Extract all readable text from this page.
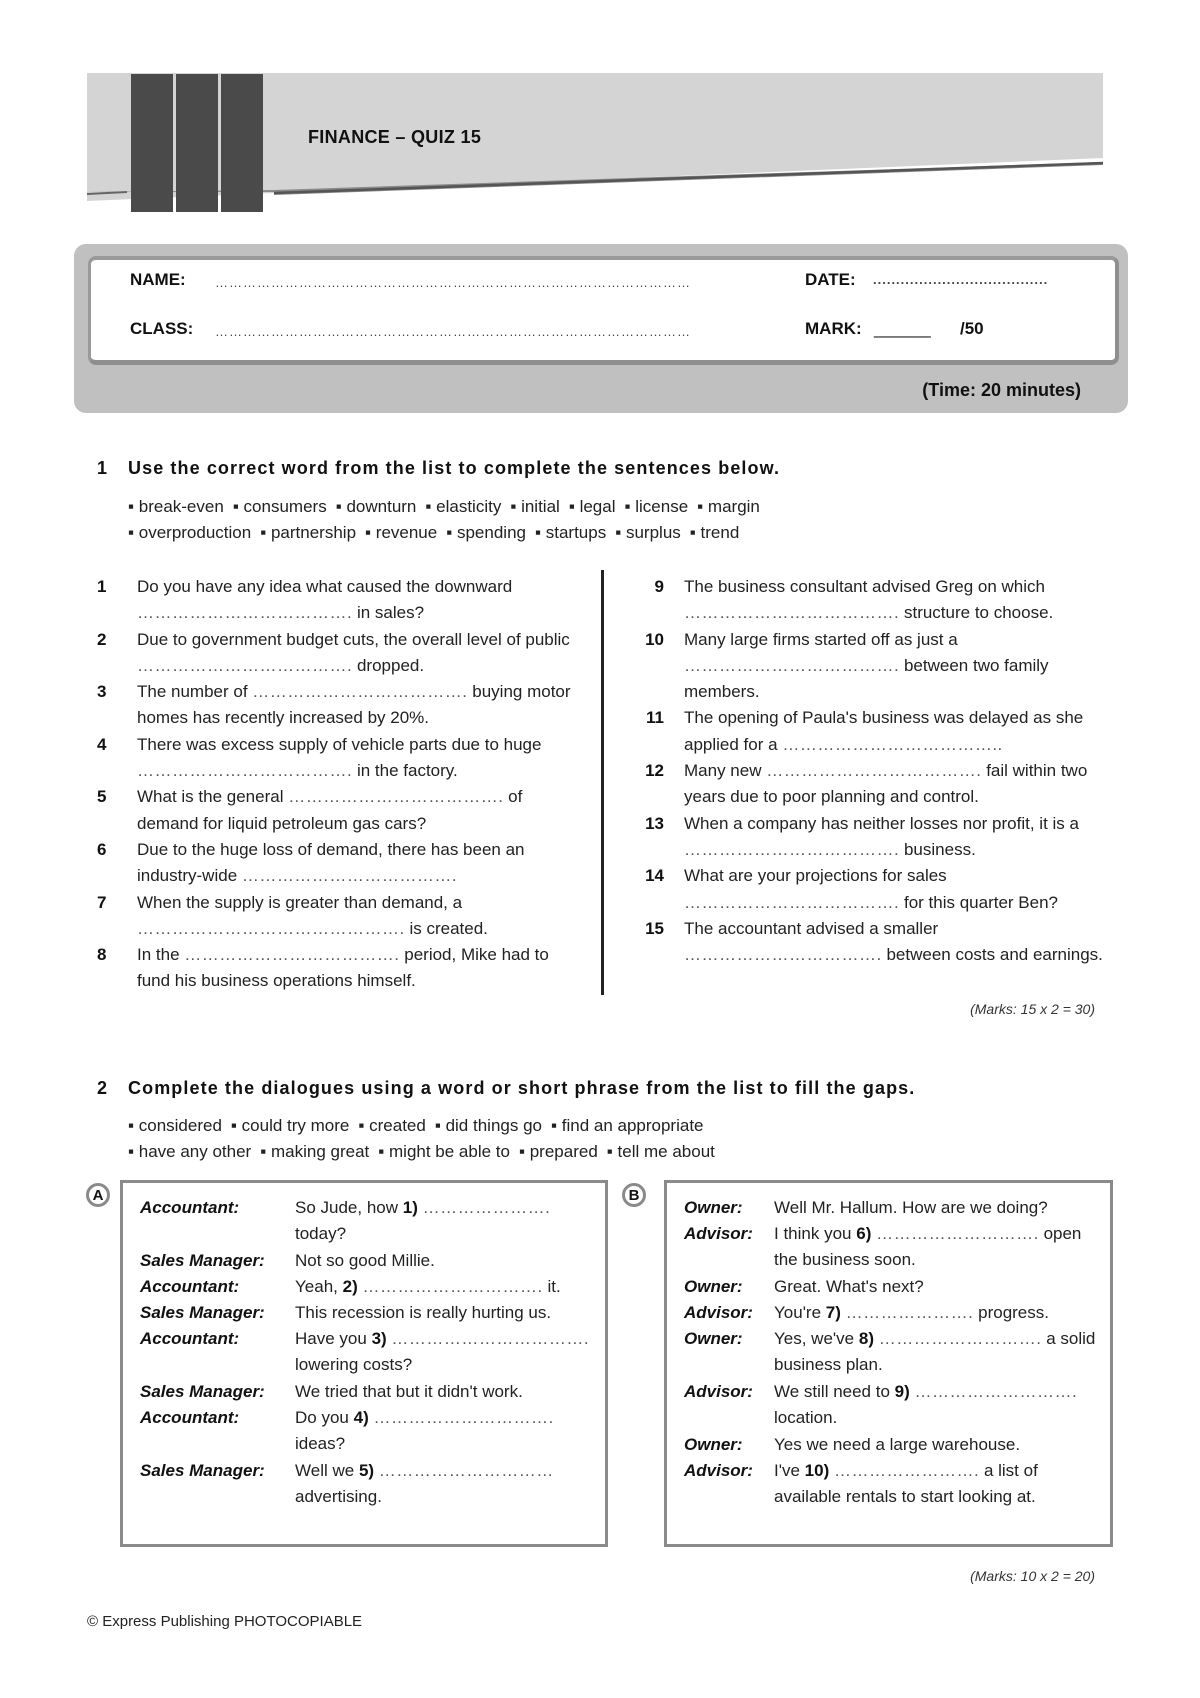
FINANCE – QUIZ 15
NAME: …………………………………………………………………………………………
CLASS: …………………………………………………………………………………………
DATE: ......................................
MARK: ______ /50
(Time: 20 minutes)
1 Use the correct word from the list to complete the sentences below.
▪ break-even ▪ consumers ▪ downturn ▪ elasticity ▪ initial ▪ legal ▪ license ▪ margin
▪ overproduction ▪ partnership ▪ revenue ▪ spending ▪ startups ▪ surplus ▪ trend
1	Do you have any idea what caused the downward ………………………………. in sales?
2	Due to government budget cuts, the overall level of public ………………………………. dropped.
3	The number of ………………………………. buying motor homes has recently increased by 20%.
4	There was excess supply of vehicle parts due to huge ………………………………. in the factory.
5	What is the general ………………………………. of demand for liquid petroleum gas cars?
6	Due to the huge loss of demand, there has been an industry-wide ……………………………….
7	When the supply is greater than demand, a ………………………………………. is created.
8	In the ………………………………. period, Mike had to fund his business operations himself.
9 The business consultant advised Greg on which ………………………………. structure to choose.
10 Many large firms started off as just a ………………………………. between two family members.
11 The opening of Paula's business was delayed as she applied for a ………………………………..
12 Many new ………………………………. fail within two years due to poor planning and control.
13 When a company has neither losses nor profit, it is a ………………………………. business.
14 What are your projections for sales ………………………………. for this quarter Ben?
15 The accountant advised a smaller ……………………………. between costs and earnings.
(Marks: 15 x 2 = 30)
2 Complete the dialogues using a word or short phrase from the list to fill the gaps.
▪ considered ▪ could try more ▪ created ▪ did things go ▪ find an appropriate
▪ have any other ▪ making great ▪ might be able to ▪ prepared ▪ tell me about
A
Accountant:	So Jude, how 1) …………………. today?
Sales Manager: Not so good Millie.
Accountant:	Yeah, 2) …………………………. it.
Sales Manager: This recession is really hurting us.
Accountant:	Have you 3) ……………………………. lowering costs?
Sales Manager: We tried that but it didn't work.
Accountant:	Do you 4) …………………………. ideas?
Sales Manager: Well we 5) ………………………… advertising.
B
Owner: Well Mr. Hallum. How are we doing?
Advisor: I think you 6) ………………………. open the business soon.
Owner: Great. What's next?
Advisor: You're 7) …………………. progress.
Owner: Yes, we've 8) ………………………. a solid business plan.
Advisor: We still need to 9) ………………………. location.
Owner: Yes we need a large warehouse.
Advisor: I've 10) ……………………. a list of available rentals to start looking at.
(Marks: 10 x 2 = 20)
© Express Publishing PHOTOCOPIABLE
